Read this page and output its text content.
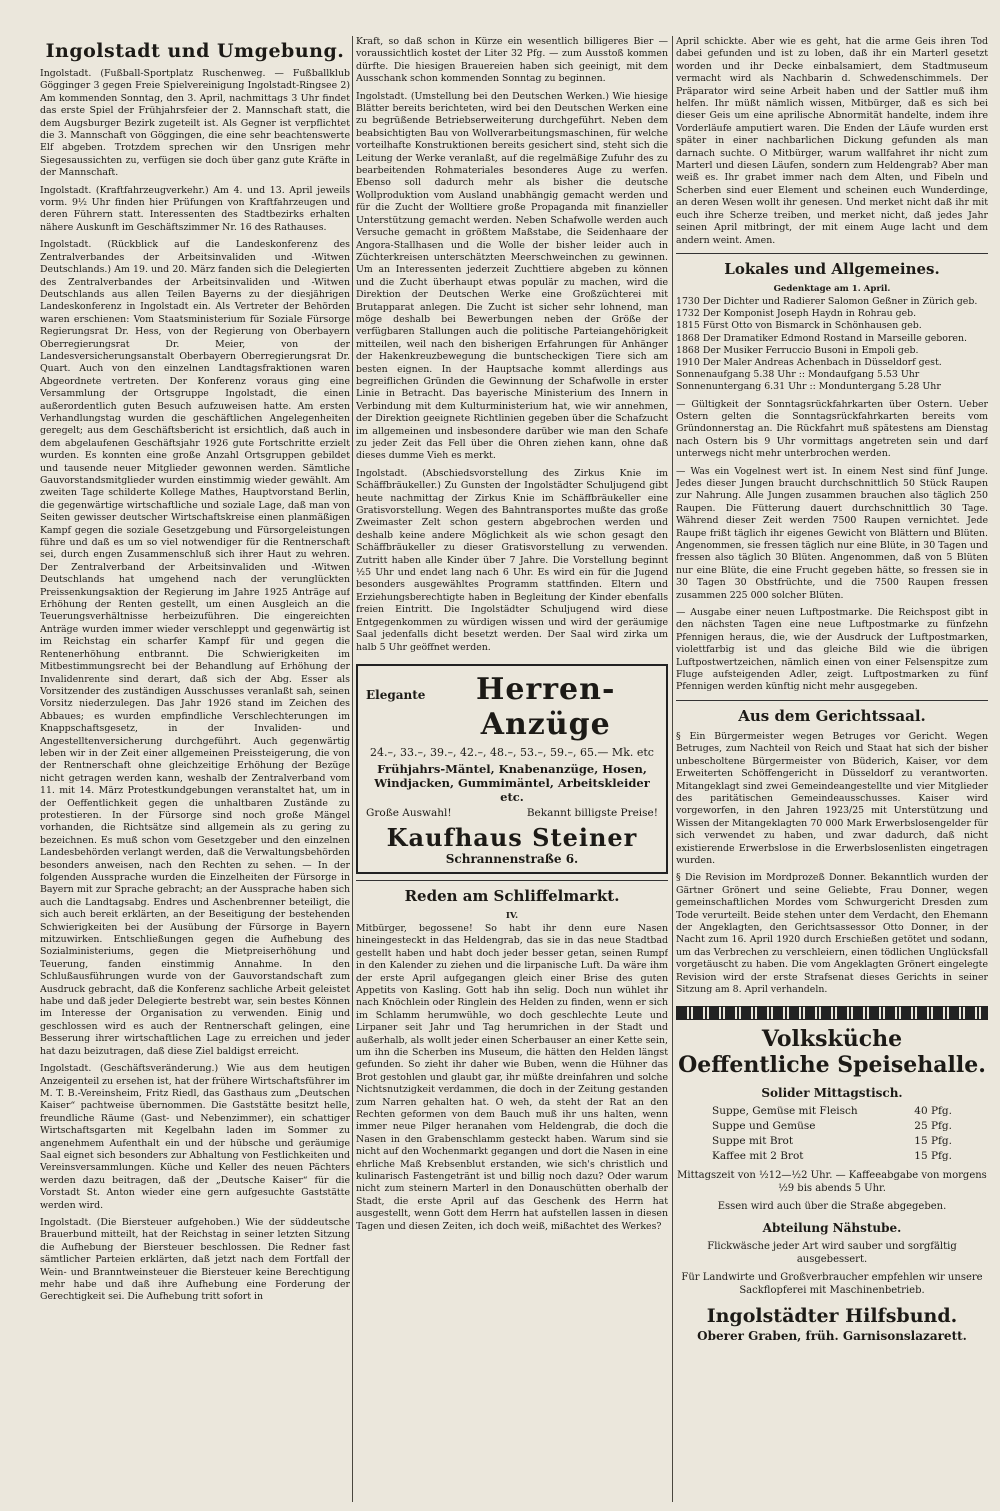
Ingolstadt und Umgebung.

Ingolstadt. (Fußball-Sportplatz Ruschenweg. — Fußballklub Gögginger 3 gegen Freie Spielvereinigung Ingolstadt-Ringsee 2) Am kommenden Sonntag, den 3. April, nachmittags 3 Uhr findet das erste Spiel der Frühjahrsfeier der 2. Mannschaft statt, die dem Augsburger Bezirk zugeteilt ist. Als Gegner ist verpflichtet die 3. Mannschaft von Göggingen, die eine sehr beachtenswerte Elf abgeben. Trotzdem sprechen wir den Unsrigen mehr Siegesaussichten zu, verfügen sie doch über ganz gute Kräfte in der Mannschaft.

Ingolstadt. (Kraftfahrzeugverkehr.) Am 4. und 13. April jeweils vorm. 9½ Uhr finden hier Prüfungen von Kraftfahrzeugen und deren Führern statt. Interessenten des Stadtbezirks erhalten nähere Auskunft im Geschäftszimmer Nr. 16 des Rathauses.

Ingolstadt. (Rückblick auf die Landeskonferenz des Zentralverbandes der Arbeitsinvaliden und -Witwen Deutschlands.) Am 19. und 20. März fanden sich die Delegierten des Zentralverbandes der Arbeitsinvaliden und -Witwen Deutschlands aus allen Teilen Bayerns zu der diesjährigen Landeskonferenz in Ingolstadt ein. Als Vertreter der Behörden waren erschienen: Vom Staatsministerium für Soziale Fürsorge Regierungsrat Dr. Hess, von der Regierung von Oberbayern Oberregierungsrat Dr. Meier, von der Landesversicherungsanstalt Oberbayern Oberregierungsrat Dr. Quart. Auch von den einzelnen Landtagsfraktionen waren Abgeordnete vertreten. Der Konferenz voraus ging eine Versammlung der Ortsgruppe Ingolstadt, die einen außerordentlich guten Besuch aufzuweisen hatte. Am ersten Verhandlungstag wurden die geschäftlichen Angelegenheiten geregelt; aus dem Geschäftsbericht ist ersichtlich, daß auch in dem abgelaufenen Geschäftsjahr 1926 gute Fortschritte erzielt wurden. Es konnten eine große Anzahl Ortsgruppen gebildet und tausende neuer Mitglieder gewonnen werden. Sämtliche Gauvorstandsmitglieder wurden einstimmig wieder gewählt. Am zweiten Tage schilderte Kollege Mathes, Hauptvorstand Berlin, die gegenwärtige wirtschaftliche und soziale Lage, daß man von Seiten gewisser deutscher Wirtschaftskreise einen planmäßigen Kampf gegen die soziale Gesetzgebung und Fürsorgeleistungen führe und daß es um so viel notwendiger für die Rentnerschaft sei, durch engen Zusammenschluß sich ihrer Haut zu wehren. Der Zentralverband der Arbeitsinvaliden und -Witwen Deutschlands hat umgehend nach der verunglückten Preissenkungsaktion der Regierung im Jahre 1925 Anträge auf Erhöhung der Renten gestellt, um einen Ausgleich an die Teuerungsverhältnisse herbeizuführen. Die eingereichten Anträge wurden immer wieder verschleppt und gegenwärtig ist im Reichstag ein scharfer Kampf für und gegen die Rentenerhöhung entbrannt. Die Schwierigkeiten im Mitbestimmungsrecht bei der Behandlung auf Erhöhung der Invalidenrente sind derart, daß sich der Abg. Esser als Vorsitzender des zuständigen Ausschusses veranlaßt sah, seinen Vorsitz niederzulegen. Das Jahr 1926 stand im Zeichen des Abbaues; es wurden empfindliche Verschlechterungen im Knappschaftsgesetz, in der Invaliden- und Angestelltenversicherung durchgeführt. Auch gegenwärtig leben wir in der Zeit einer allgemeinen Preissteigerung, die von der Rentnerschaft ohne gleichzeitige Erhöhung der Bezüge nicht getragen werden kann, weshalb der Zentralverband vom 11. mit 14. März Protestkundgebungen veranstaltet hat, um in der Oeffentlichkeit gegen die unhaltbaren Zustände zu protestieren. In der Fürsorge sind noch große Mängel vorhanden, die Richtsätze sind allgemein als zu gering zu bezeichnen. Es muß schon vom Gesetzgeber und den einzelnen Landesbehörden verlangt werden, daß die Verwaltungsbehörden besonders anweisen, nach den Rechten zu sehen. — In der folgenden Aussprache wurden die Einzelheiten der Fürsorge in Bayern mit zur Sprache gebracht; an der Aussprache haben sich auch die Landtagsabg. Endres und Aschenbrenner beteiligt, die sich auch bereit erklärten, an der Beseitigung der bestehenden Schwierigkeiten bei der Ausübung der Fürsorge in Bayern mitzuwirken. Entschließungen gegen die Aufhebung des Sozialministeriums, gegen die Mietpreiserhöhung und Teuerung, fanden einstimmig Annahme. In den Schlußausführungen wurde von der Gauvorstandschaft zum Ausdruck gebracht, daß die Konferenz sachliche Arbeit geleistet habe und daß jeder Delegierte bestrebt war, sein bestes Können im Interesse der Organisation zu verwenden. Einig und geschlossen wird es auch der Rentnerschaft gelingen, eine Besserung ihrer wirtschaftlichen Lage zu erreichen und jeder hat dazu beizutragen, daß diese Ziel baldigst erreicht.

Ingolstadt. (Geschäftsveränderung.) Wie aus dem heutigen Anzeigenteil zu ersehen ist, hat der frühere Wirtschaftsführer im M. T. B.-Vereinsheim, Fritz Riedl, das Gasthaus zum „Deutschen Kaiser“ pachtweise übernommen. Die Gaststätte besitzt helle, freundliche Räume (Gast- und Nebenzimmer), ein schattiger Wirtschaftsgarten mit Kegelbahn laden im Sommer zu angenehmem Aufenthalt ein und der hübsche und geräumige Saal eignet sich besonders zur Abhaltung von Festlichkeiten und Vereinsversammlungen. Küche und Keller des neuen Pächters werden dazu beitragen, daß der „Deutsche Kaiser“ für die Vorstadt St. Anton wieder eine gern aufgesuchte Gaststätte werden wird.

Ingolstadt. (Die Biersteuer aufgehoben.) Wie der süddeutsche Brauerbund mitteilt, hat der Reichstag in seiner letzten Sitzung die Aufhebung der Biersteuer beschlossen. Die Redner fast sämtlicher Parteien erklärten, daß jetzt nach dem Fortfall der Wein- und Branntweinsteuer die Biersteuer keine Berechtigung mehr habe und daß ihre Aufhebung eine Forderung der Gerechtigkeit sei. Die Aufhebung tritt sofort in

Kraft, so daß schon in Kürze ein wesentlich billigeres Bier — voraussichtlich kostet der Liter 32 Pfg. — zum Ausstoß kommen dürfte. Die hiesigen Brauereien haben sich geeinigt, mit dem Ausschank schon kommenden Sonntag zu beginnen.

Ingolstadt. (Umstellung bei den Deutschen Werken.) Wie hiesige Blätter bereits berichteten, wird bei den Deutschen Werken eine zu begrüßende Betriebserweiterung durchgeführt. Neben dem beabsichtigten Bau von Wollverarbeitungsmaschinen, für welche vorteilhafte Konstruktionen bereits gesichert sind, steht sich die Leitung der Werke veranlaßt, auf die regelmäßige Zufuhr des zu bearbeitenden Rohmateriales besonderes Auge zu werfen. Ebenso soll dadurch mehr als bisher die deutsche Wollproduktion vom Ausland unabhängig gemacht werden und für die Zucht der Wolltiere große Propaganda mit finanzieller Unterstützung gemacht werden. Neben Schafwolle werden auch Versuche gemacht in größtem Maßstabe, die Seidenhaare der Angora-Stallhasen und die Wolle der bisher leider auch in Züchterkreisen unterschätzten Meerschweinchen zu gewinnen. Um an Interessenten jederzeit Zuchttiere abgeben zu können und die Zucht überhaupt etwas populär zu machen, wird die Direktion der Deutschen Werke eine Großzüchterei mit Brutapparat anlegen. Die Zucht ist sicher sehr lohnend, man möge deshalb bei Bewerbungen neben der Größe der verfügbaren Stallungen auch die politische Parteiangehörigkeit mitteilen, weil nach den bisherigen Erfahrungen für Anhänger der Hakenkreuzbewegung die buntscheckigen Tiere sich am besten eignen. In der Hauptsache kommt allerdings aus begreiflichen Gründen die Gewinnung der Schafwolle in erster Linie in Betracht. Das bayerische Ministerium des Innern in Verbindung mit dem Kulturministerium hat, wie wir annehmen, der Direktion geeignete Richtlinien gegeben über die Schafzucht im allgemeinen und insbesondere darüber wie man den Schafe zu jeder Zeit das Fell über die Ohren ziehen kann, ohne daß dieses dumme Vieh es merkt.

Ingolstadt. (Abschiedsvorstellung des Zirkus Knie im Schäffbräukeller.) Zu Gunsten der Ingolstädter Schuljugend gibt heute nachmittag der Zirkus Knie im Schäffbräukeller eine Gratisvorstellung. Wegen des Bahntransportes mußte das große Zweimaster Zelt schon gestern abgebrochen werden und deshalb keine andere Möglichkeit als wie schon gesagt den Schäffbräukeller zu dieser Gratisvorstellung zu verwenden. Zutritt haben alle Kinder über 7 Jahre. Die Vorstellung beginnt ½5 Uhr und endet lang nach 6 Uhr. Es wird ein für die Jugend besonders ausgewähltes Programm stattfinden. Eltern und Erziehungsberechtigte haben in Begleitung der Kinder ebenfalls freien Eintritt. Die Ingolstädter Schuljugend wird diese Entgegenkommen zu würdigen wissen und wird der geräumige Saal jedenfalls dicht besetzt werden. Der Saal wird zirka um halb 5 Uhr geöffnet werden.

Elegante	Herren-Anzüge
24.–, 33.–, 39.–, 42.–, 48.–, 53.–, 59.–, 65.— Mk. etc
Frühjahrs-Mäntel, Knabenanzüge, Hosen, Windjacken, Gummimäntel, Arbeitskleider etc.
Große Auswahl!	Bekannt billigste Preise!
Kaufhaus Steiner
Schrannenstraße 6.
Reden am Schliffelmarkt.
IV.

Mitbürger, begossene! So habt ihr denn eure Nasen hineingesteckt in das Heldengrab, das sie in das neue Stadtbad gestellt haben und habt doch jeder besser getan, seinen Rumpf in den Kalender zu ziehen und die lirpanische Luft. Da wäre ihm der erste April aufgegangen gleich einer Brise des guten Appetits von Kasling. Gott hab ihn selig. Doch nun wühlet ihr nach Knöchlein oder Ringlein des Helden zu finden, wenn er sich im Schlamm herumwühle, wo doch geschlechte Leute und Lirpaner seit Jahr und Tag herumrichen in der Stadt und außerhalb, als wollt jeder einen Scherbauser an einer Kette sein, um ihn die Scherben ins Museum, die hätten den Helden längst gefunden. So zieht ihr daher wie Buben, wenn die Hühner das Brot gestohlen und glaubt gar, ihr müßte dreinfahren und solche Nichtsnutzigkeit verdammen, die doch in der Zeitung gestanden zum Narren gehalten hat. O weh, da steht der Rat an den Rechten geformen von dem Bauch muß ihr uns halten, wenn immer neue Pilger heranahen vom Heldengrab, die doch die Nasen in den Grabenschlamm gesteckt haben. Warum sind sie nicht auf den Wochenmarkt gegangen und dort die Nasen in eine ehrliche Maß Krebsenblut erstanden, wie sich's christlich und kulinarisch Fastengetränt ist und billig noch dazu? Oder warum nicht zum steinern Marterl in den Donauschütten oberhalb der Stadt, die erste April auf das Geschenk des Herrn hat ausgestellt, wenn Gott dem Herrn hat aufstellen lassen in diesen Tagen und diesen Zeiten, ich doch weiß, mißachtet des Werkes?

April schickte. Aber wie es geht, hat die arme Geis ihren Tod dabei gefunden und ist zu loben, daß ihr ein Marterl gesetzt worden und ihr Decke einbalsamiert, dem Stadtmuseum vermacht wird als Nachbarin d. Schwedenschimmels. Der Präparator wird seine Arbeit haben und der Sattler muß ihm helfen. Ihr müßt nämlich wissen, Mitbürger, daß es sich bei dieser Geis um eine aprilische Abnormität handelte, indem ihre Vorderläufe amputiert waren. Die Enden der Läufe wurden erst später in einer nachbarlichen Dickung gefunden als man darnach suchte. O Mitbürger, warum wallfahret ihr nicht zum Marterl und diesen Läufen, sondern zum Heldengrab? Aber man weiß es. Ihr grabet immer nach dem Alten, und Fibeln und Scherben sind euer Element und scheinen euch Wunderdinge, an deren Wesen wollt ihr genesen. Und merket nicht daß ihr mit euch ihre Scherze treiben, und merket nicht, daß jedes Jahr seinen April mitbringt, der mit einem Auge lacht und dem andern weint. Amen.

Lokales und Allgemeines.
Gedenktage am 1. April.

1730 Der Dichter und Radierer Salomon Geßner in Zürich geb.

1732 Der Komponist Joseph Haydn in Rohrau geb.

1815 Fürst Otto von Bismarck in Schönhausen geb.

1868 Der Dramatiker Edmond Rostand in Marseille geboren.

1868 Der Musiker Ferruccio Busoni in Empoli geb.

1910 Der Maler Andreas Achenbach in Düsseldorf gest.

Sonnenaufgang 5.38 Uhr :: Mondaufgang 5.53 Uhr

Sonnenuntergang 6.31 Uhr :: Monduntergang 5.28 Uhr

— Gültigkeit der Sonntagsrückfahrkarten über Ostern. Ueber Ostern gelten die Sonntagsrückfahrkarten bereits vom Gründonnerstag an. Die Rückfahrt muß spätestens am Dienstag nach Ostern bis 9 Uhr vormittags angetreten sein und darf unterwegs nicht mehr unterbrochen werden.

— Was ein Vogelnest wert ist. In einem Nest sind fünf Junge. Jedes dieser Jungen braucht durchschnittlich 50 Stück Raupen zur Nahrung. Alle Jungen zusammen brauchen also täglich 250 Raupen. Die Fütterung dauert durchschnittlich 30 Tage. Während dieser Zeit werden 7500 Raupen vernichtet. Jede Raupe frißt täglich ihr eigenes Gewicht von Blättern und Blüten. Angenommen, sie fressen täglich nur eine Blüte, in 30 Tagen und fressen also täglich 30 Blüten. Angenommen, daß von 5 Blüten nur eine Blüte, die eine Frucht gegeben hätte, so fressen sie in 30 Tagen 30 Obstfrüchte, und die 7500 Raupen fressen zusammen 225 000 solcher Blüten.

— Ausgabe einer neuen Luftpostmarke. Die Reichspost gibt in den nächsten Tagen eine neue Luftpostmarke zu fünfzehn Pfennigen heraus, die, wie der Ausdruck der Luftpostmarken, violettfarbig ist und das gleiche Bild wie die übrigen Luftpostwertzeichen, nämlich einen von einer Felsenspitze zum Fluge aufsteigenden Adler, zeigt. Luftpostmarken zu fünf Pfennigen werden künftig nicht mehr ausgegeben.

Aus dem Gerichtssaal.

§ Ein Bürgermeister wegen Betruges vor Gericht. Wegen Betruges, zum Nachteil von Reich und Staat hat sich der bisher unbescholtene Bürgermeister von Büderich, Kaiser, vor dem Erweiterten Schöffengericht in Düsseldorf zu verantworten. Mitangeklagt sind zwei Gemeindeangestellte und vier Mitglieder des paritätischen Gemeindeausschusses. Kaiser wird vorgeworfen, in den Jahren 1923/25 mit Unterstützung und Wissen der Mitangeklagten 70 000 Mark Erwerbslosengelder für sich verwendet zu haben, und zwar dadurch, daß nicht existierende Erwerbslose in die Erwerbslosenlisten eingetragen wurden.

§ Die Revision im Mordprozeß Donner. Bekanntlich wurden der Gärtner Grönert und seine Geliebte, Frau Donner, wegen gemeinschaftlichen Mordes vom Schwurgericht Dresden zum Tode verurteilt. Beide stehen unter dem Verdacht, den Ehemann der Angeklagten, den Gerichtsassessor Otto Donner, in der Nacht zum 16. April 1920 durch Erschießen getötet und sodann, um das Verbrechen zu verschleiern, einen tödlichen Unglücksfall vorgetäuscht zu haben. Die vom Angeklagten Grönert eingelegte Revision wird der erste Strafsenat dieses Gerichts in seiner Sitzung am 8. April verhandeln.

Volksküche
Oeffentliche Speisehalle.
Solider Mittagstisch.
Suppe, Gemüse mit Fleisch	40 Pfg.
Suppe und Gemüse	25 Pfg.
Suppe mit Brot	15 Pfg.
Kaffee mit 2 Brot	15 Pfg.
Mittagszeit von ½12—½2 Uhr. — Kaffeeabgabe von morgens ½9 bis abends 5 Uhr.
Essen wird auch über die Straße abgegeben.
Abteilung Nähstube.
Flickwäsche jeder Art wird sauber und sorgfältig ausgebessert.
Für Landwirte und Großverbraucher empfehlen wir unsere Sackflopferei mit Maschinenbetrieb.
Ingolstädter Hilfsbund.
Oberer Graben, früh. Garnisonslazarett.
